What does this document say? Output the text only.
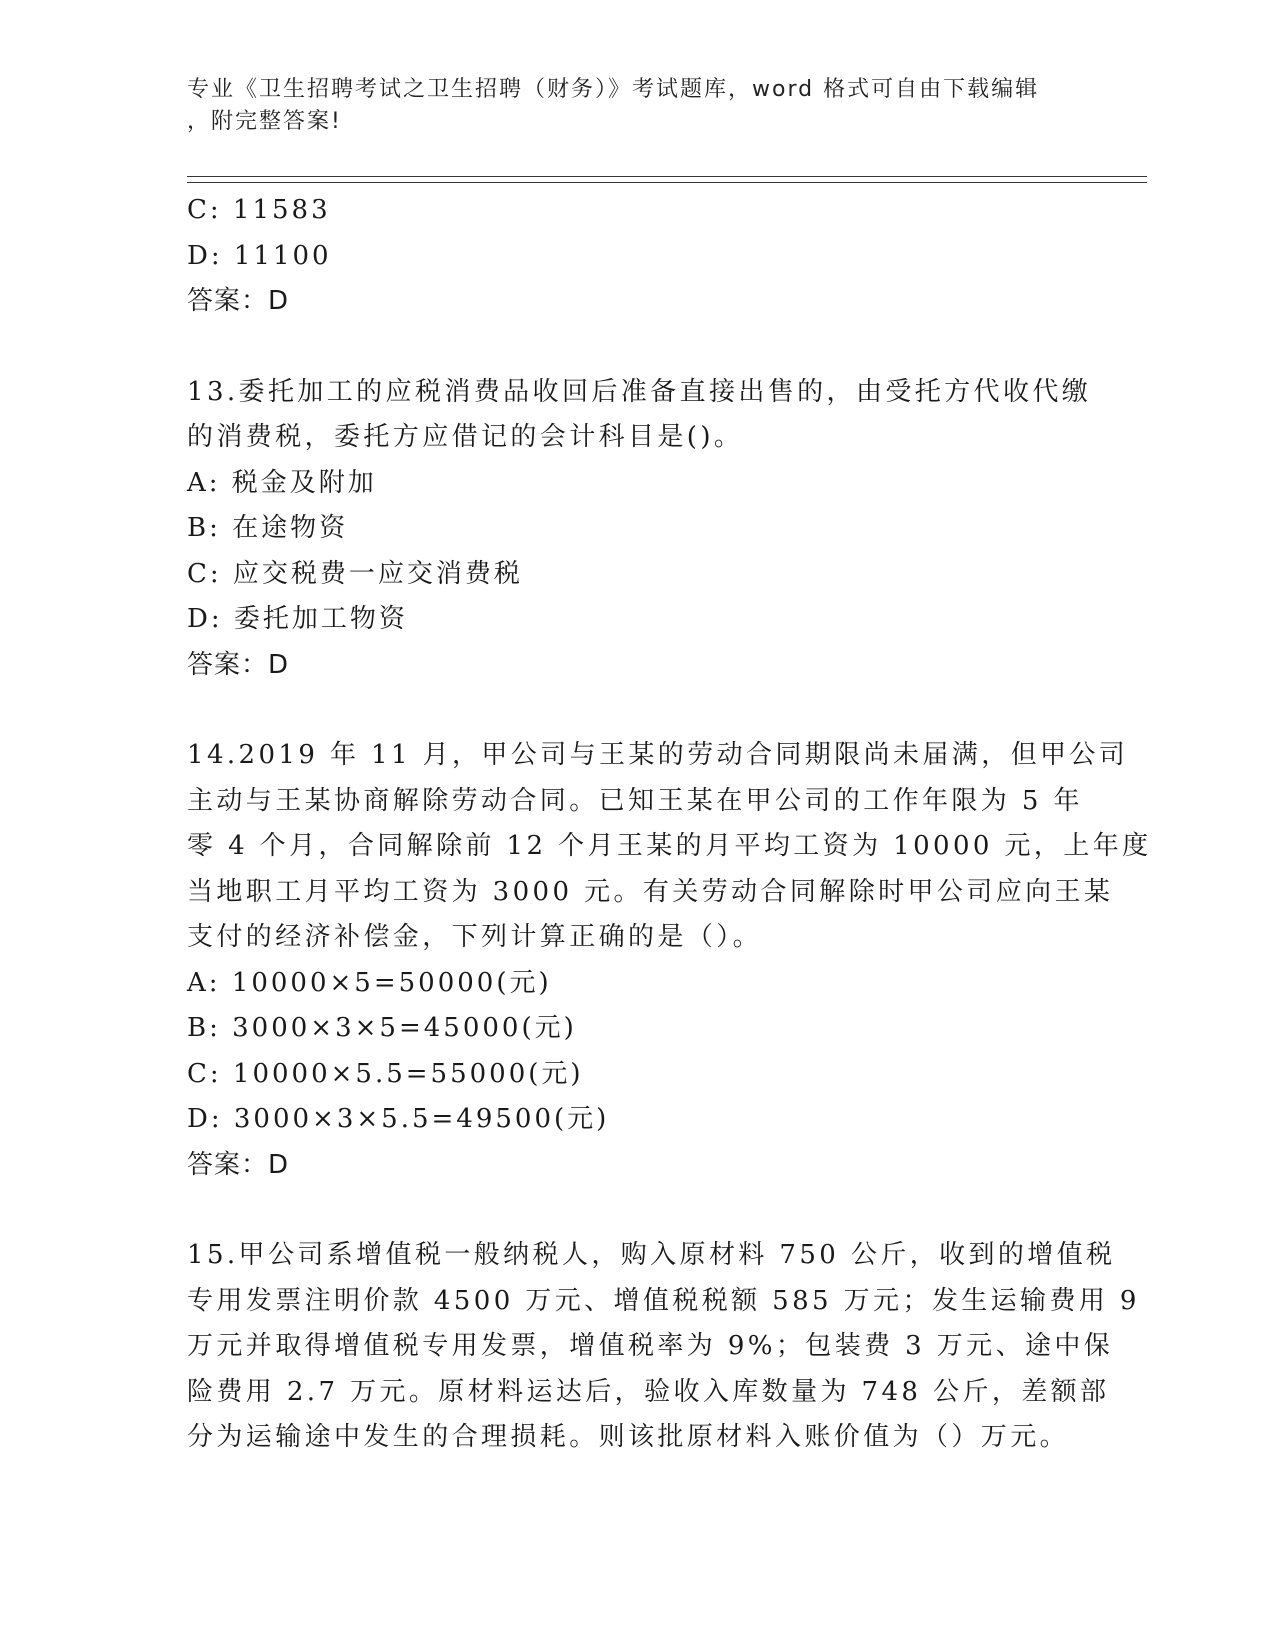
专业《卫生招聘考试之卫生招聘（财务）》考试题库，word 格式可自由下载编辑
，附完整答案!
C: 11583
D: 11100
答案：D
13.委托加工的应税消费品收回后准备直接出售的，由受托方代收代缴
的消费税，委托方应借记的会计科目是()。
A: 税金及附加
B: 在途物资
C: 应交税费一应交消费税
D: 委托加工物资
答案：D
14.2019 年 11 月，甲公司与王某的劳动合同期限尚未届满，但甲公司
主动与王某协商解除劳动合同。已知王某在甲公司的工作年限为 5 年
零 4 个月，合同解除前 12 个月王某的月平均工资为 10000 元，上年度
当地职工月平均工资为 3000 元。有关劳动合同解除时甲公司应向王某
支付的经济补偿金，下列计算正确的是（）。
A: 10000×5=50000(元)
B: 3000×3×5=45000(元)
C: 10000×5.5=55000(元)
D: 3000×3×5.5=49500(元)
答案：D
15.甲公司系增值税一般纳税人，购入原材料 750 公斤，收到的增值税
专用发票注明价款 4500 万元、增值税税额 585 万元；发生运输费用 9
万元并取得增值税专用发票，增值税率为 9%；包装费 3 万元、途中保
险费用 2.7 万元。原材料运达后，验收入库数量为 748 公斤，差额部
分为运输途中发生的合理损耗。则该批原材料入账价值为（）万元。
